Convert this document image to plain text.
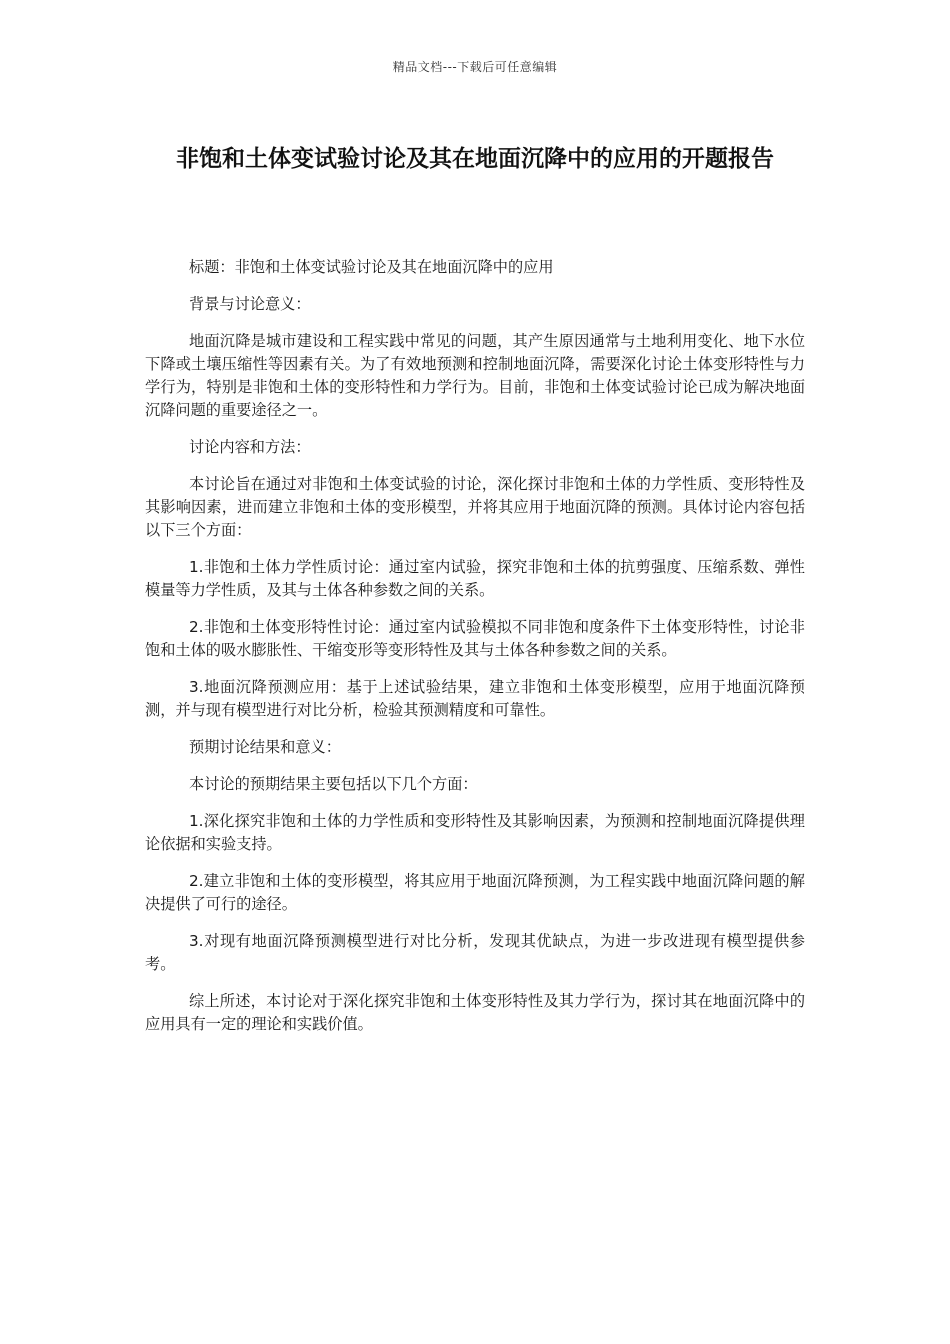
精品文档---下载后可任意编辑
非饱和土体变试验讨论及其在地面沉降中的应用的开题报告

标题：非饱和土体变试验讨论及其在地面沉降中的应用

背景与讨论意义：

地面沉降是城市建设和工程实践中常见的问题，其产生原因通常与土地利用变化、地下水位下降或土壤压缩性等因素有关。为了有效地预测和控制地面沉降，需要深化讨论土体变形特性与力学行为，特别是非饱和土体的变形特性和力学行为。目前，非饱和土体变试验讨论已成为解决地面沉降问题的重要途径之一。

讨论内容和方法：

本讨论旨在通过对非饱和土体变试验的讨论，深化探讨非饱和土体的力学性质、变形特性及其影响因素，进而建立非饱和土体的变形模型，并将其应用于地面沉降的预测。具体讨论内容包括以下三个方面：

1.非饱和土体力学性质讨论：通过室内试验，探究非饱和土体的抗剪强度、压缩系数、弹性模量等力学性质，及其与土体各种参数之间的关系。

2.非饱和土体变形特性讨论：通过室内试验模拟不同非饱和度条件下土体变形特性，讨论非饱和土体的吸水膨胀性、干缩变形等变形特性及其与土体各种参数之间的关系。

3.地面沉降预测应用：基于上述试验结果，建立非饱和土体变形模型，应用于地面沉降预测，并与现有模型进行对比分析，检验其预测精度和可靠性。

预期讨论结果和意义：

本讨论的预期结果主要包括以下几个方面：

1.深化探究非饱和土体的力学性质和变形特性及其影响因素，为预测和控制地面沉降提供理论依据和实验支持。

2.建立非饱和土体的变形模型，将其应用于地面沉降预测，为工程实践中地面沉降问题的解决提供了可行的途径。

3.对现有地面沉降预测模型进行对比分析，发现其优缺点，为进一步改进现有模型提供参考。

综上所述，本讨论对于深化探究非饱和土体变形特性及其力学行为，探讨其在地面沉降中的应用具有一定的理论和实践价值。
